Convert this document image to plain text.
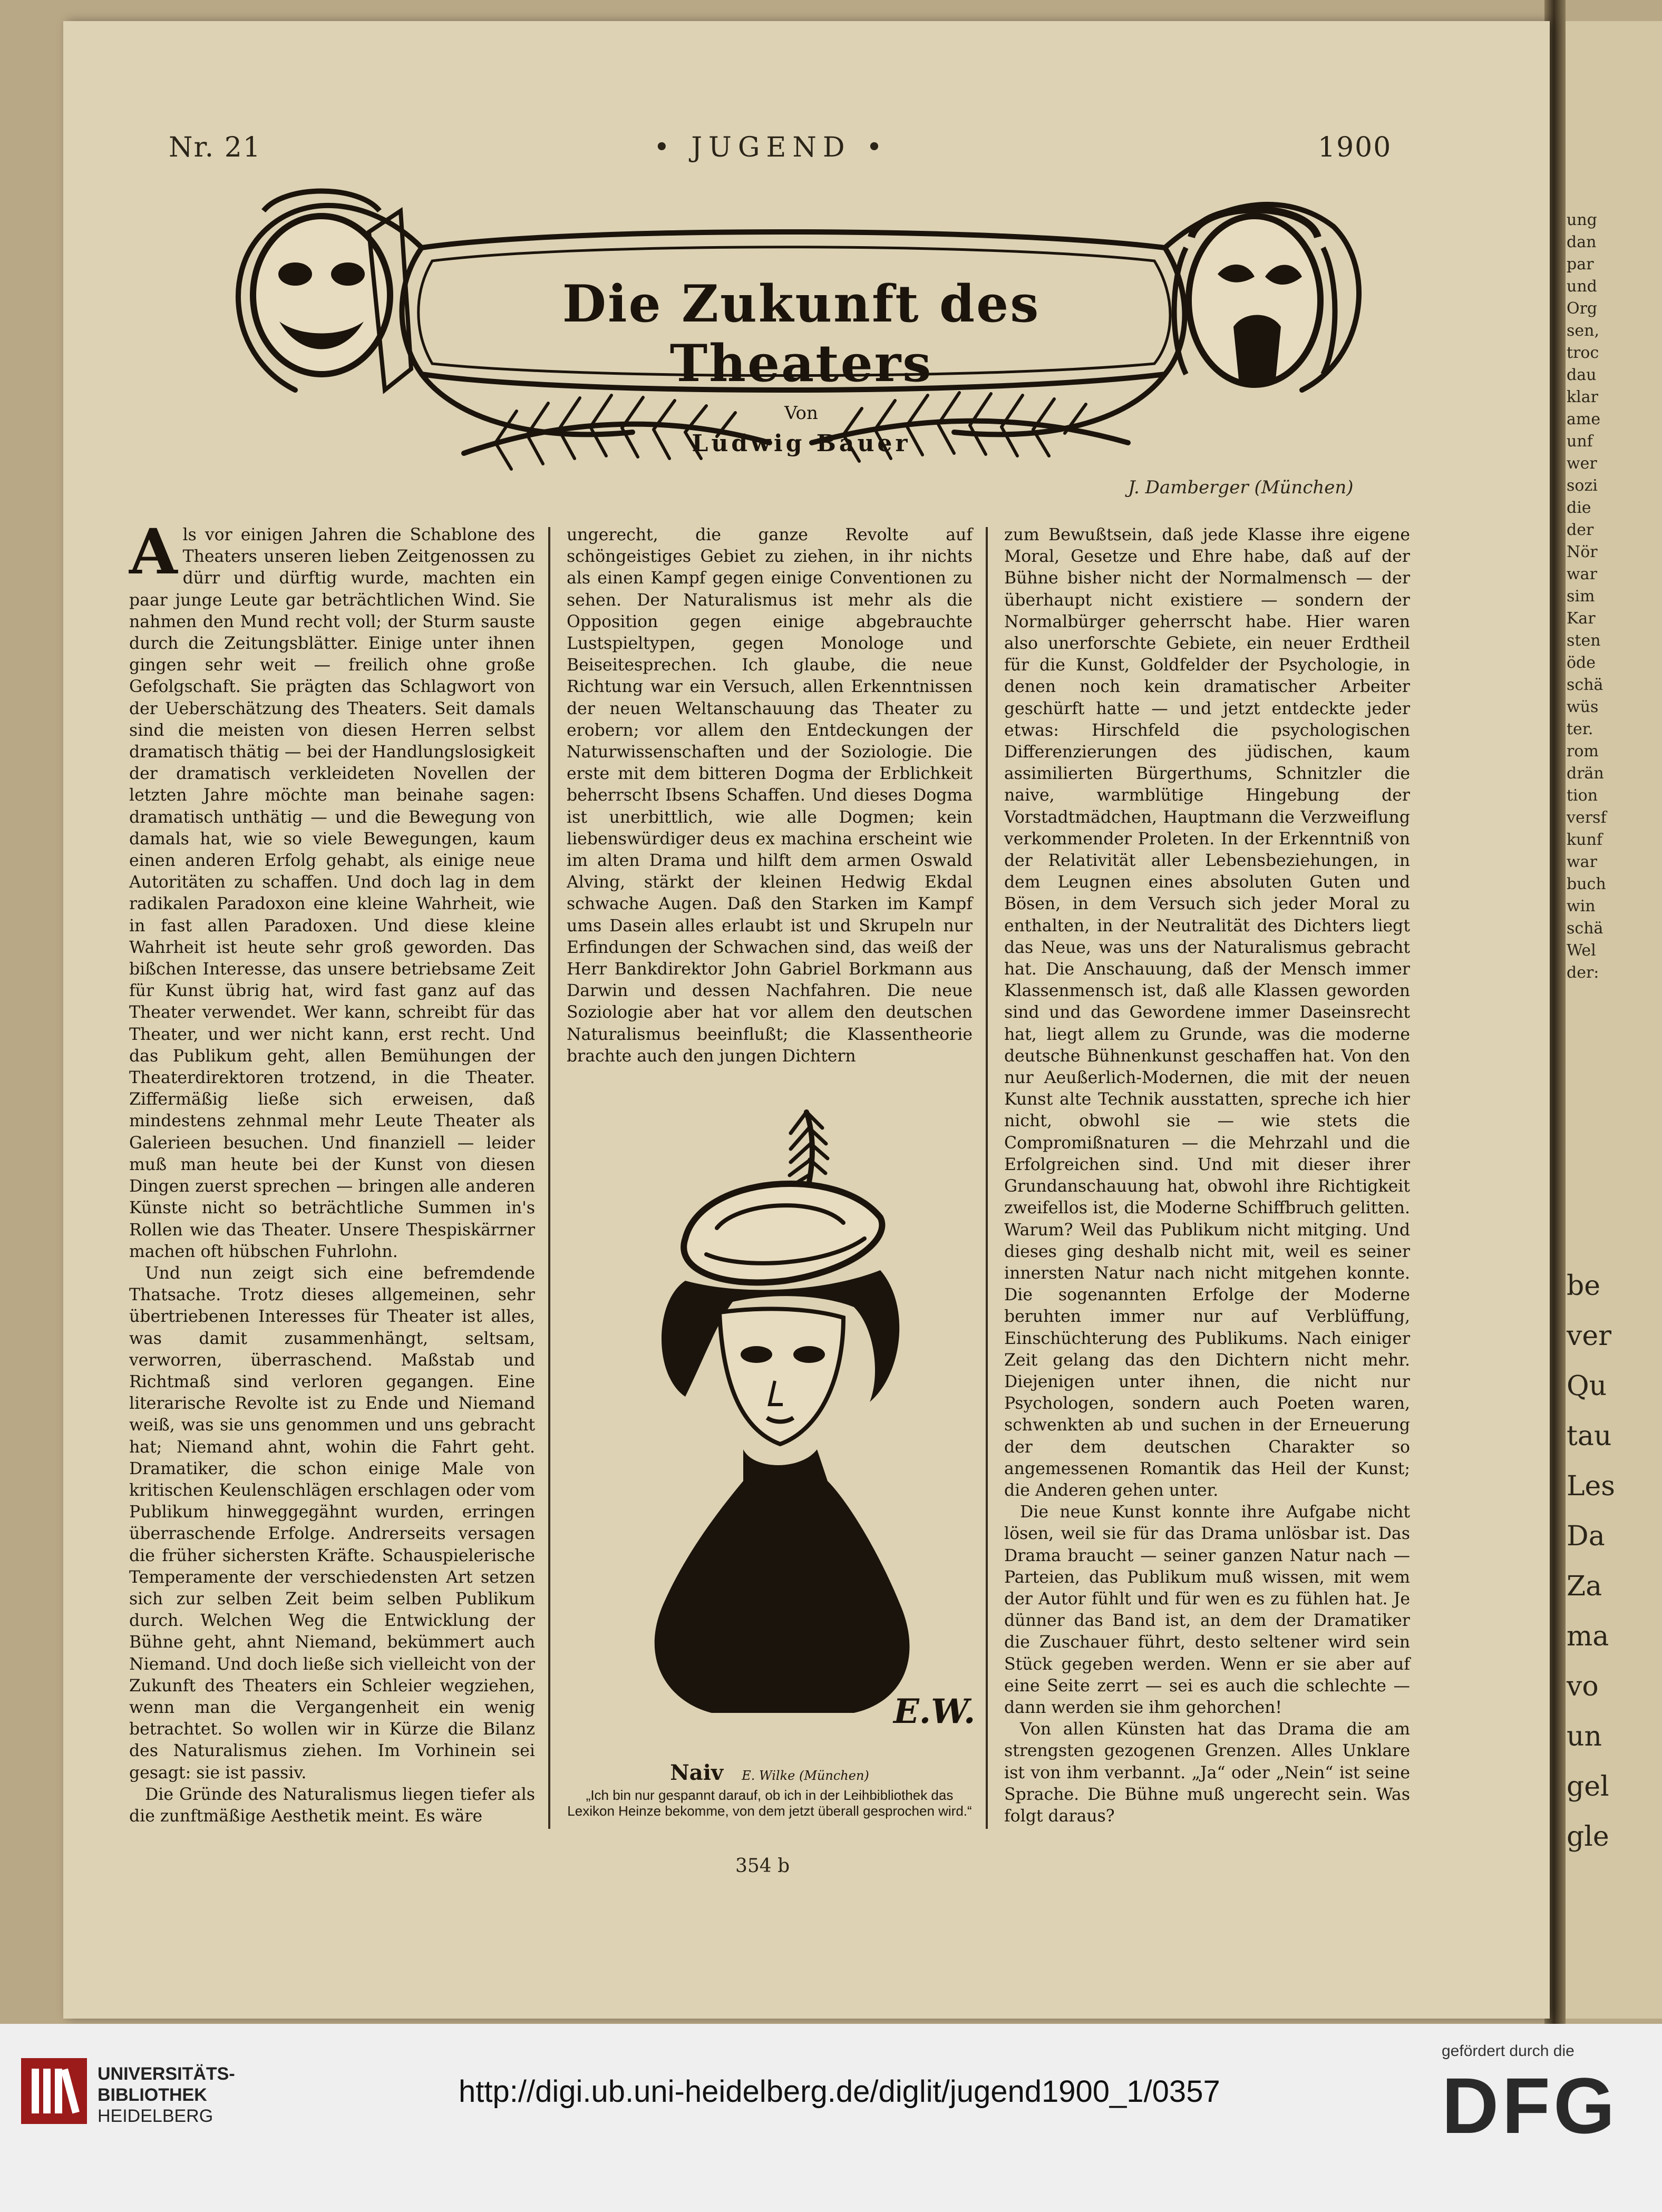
ung
dan
par
und
Org
sen,
troc
dau
klar
ame
unf
wer
sozi
die
der
Nör
war
sim
Kar
sten
öde
schä
wüs
ter.
rom
drän
tion
versf
kunf
war
buch
win
schä
Wel
der:
be
ver
Qu
tau
Les
Da
Za
ma
vo
un
gel
gle
Nr. 21	• JUGEND •	1900
Die Zukunft des Theaters
Von
Ludwig Bauer
J. Damberger (München)

Als vor einigen Jahren die Schablone des Theaters unseren lieben Zeitgenossen zu dürr und dürftig wurde, machten ein paar junge Leute gar beträchtlichen Wind. Sie nahmen den Mund recht voll; der Sturm sauste durch die Zeitungsblätter. Einige unter ihnen gingen sehr weit — freilich ohne große Gefolgschaft. Sie prägten das Schlagwort von der Ueberschätzung des Theaters. Seit damals sind die meisten von diesen Herren selbst dramatisch thätig — bei der Handlungslosigkeit der dramatisch verkleideten Novellen der letzten Jahre möchte man beinahe sagen: dramatisch unthätig — und die Bewegung von damals hat, wie so viele Bewegungen, kaum einen anderen Erfolg gehabt, als einige neue Autoritäten zu schaffen. Und doch lag in dem radikalen Paradoxon eine kleine Wahrheit, wie in fast allen Paradoxen. Und diese kleine Wahrheit ist heute sehr groß geworden. Das bißchen Interesse, das unsere betriebsame Zeit für Kunst übrig hat, wird fast ganz auf das Theater verwendet. Wer kann, schreibt für das Theater, und wer nicht kann, erst recht. Und das Publikum geht, allen Bemühungen der Theaterdirektoren trotzend, in die Theater. Ziffermäßig ließe sich erweisen, daß mindestens zehnmal mehr Leute Theater als Galerieen besuchen. Und finanziell — leider muß man heute bei der Kunst von diesen Dingen zuerst sprechen — bringen alle anderen Künste nicht so beträchtliche Summen in's Rollen wie das Theater. Unsere Thespiskärrner machen oft hübschen Fuhrlohn.

Und nun zeigt sich eine befremdende Thatsache. Trotz dieses allgemeinen, sehr übertriebenen Interesses für Theater ist alles, was damit zusammenhängt, seltsam, verworren, überraschend. Maßstab und Richtmaß sind verloren gegangen. Eine literarische Revolte ist zu Ende und Niemand weiß, was sie uns genommen und uns gebracht hat; Niemand ahnt, wohin die Fahrt geht. Dramatiker, die schon einige Male von kritischen Keulenschlägen erschlagen oder vom Publikum hinweggegähnt wurden, erringen überraschende Erfolge. Andrerseits versagen die früher sichersten Kräfte. Schauspielerische Temperamente der verschiedensten Art setzen sich zur selben Zeit beim selben Publikum durch. Welchen Weg die Entwicklung der Bühne geht, ahnt Niemand, bekümmert auch Niemand. Und doch ließe sich vielleicht von der Zukunft des Theaters ein Schleier wegziehen, wenn man die Vergangenheit ein wenig betrachtet. So wollen wir in Kürze die Bilanz des Naturalismus ziehen. Im Vorhinein sei gesagt: sie ist passiv.

Die Gründe des Naturalismus liegen tiefer als die zunftmäßige Aesthetik meint. Es wäre

ungerecht, die ganze Revolte auf schöngeistiges Gebiet zu ziehen, in ihr nichts als einen Kampf gegen einige Conventionen zu sehen. Der Naturalismus ist mehr als die Opposition gegen einige abgebrauchte Lustspieltypen, gegen Monologe und Beiseitesprechen. Ich glaube, die neue Richtung war ein Versuch, allen Erkenntnissen der neuen Weltanschauung das Theater zu erobern; vor allem den Entdeckungen der Naturwissenschaften und der Soziologie. Die erste mit dem bitteren Dogma der Erblichkeit beherrscht Ibsens Schaffen. Und dieses Dogma ist unerbittlich, wie alle Dogmen; kein liebenswürdiger deus ex machina erscheint wie im alten Drama und hilft dem armen Oswald Alving, stärkt der kleinen Hedwig Ekdal schwache Augen. Daß den Starken im Kampf ums Dasein alles erlaubt ist und Skrupeln nur Erfindungen der Schwachen sind, das weiß der Herr Bankdirektor John Gabriel Borkmann aus Darwin und dessen Nachfahren. Die neue Soziologie aber hat vor allem den deutschen Naturalismus beeinflußt; die Klassentheorie brachte auch den jungen Dichtern

E.W.
Naiv E. Wilke (München)
„Ich bin nur gespannt darauf, ob ich in der Leihbibliothek das Lexikon Heinze bekomme, von dem jetzt überall gesprochen wird.“
354 b

zum Bewußtsein, daß jede Klasse ihre eigene Moral, Gesetze und Ehre habe, daß auf der Bühne bisher nicht der Normalmensch — der überhaupt nicht existiere — sondern der Normalbürger geherrscht habe. Hier waren also unerforschte Gebiete, ein neuer Erdtheil für die Kunst, Goldfelder der Psychologie, in denen noch kein dramatischer Arbeiter geschürft hatte — und jetzt entdeckte jeder etwas: Hirschfeld die psychologischen Differenzierungen des jüdischen, kaum assimilierten Bürgerthums, Schnitzler die naive, warmblütige Hingebung der Vorstadtmädchen, Hauptmann die Verzweiflung verkommender Proleten. In der Erkenntniß von der Relativität aller Lebensbeziehungen, in dem Leugnen eines absoluten Guten und Bösen, in dem Versuch sich jeder Moral zu enthalten, in der Neutralität des Dichters liegt das Neue, was uns der Naturalismus gebracht hat. Die Anschauung, daß der Mensch immer Klassenmensch ist, daß alle Klassen geworden sind und das Gewordene immer Daseinsrecht hat, liegt allem zu Grunde, was die moderne deutsche Bühnenkunst geschaffen hat. Von den nur Aeußerlich-Modernen, die mit der neuen Kunst alte Technik ausstatten, spreche ich hier nicht, obwohl sie — wie stets die Compromißnaturen — die Mehrzahl und die Erfolgreichen sind. Und mit dieser ihrer Grundanschauung hat, obwohl ihre Richtigkeit zweifellos ist, die Moderne Schiffbruch gelitten. Warum? Weil das Publikum nicht mitging. Und dieses ging deshalb nicht mit, weil es seiner innersten Natur nach nicht mitgehen konnte. Die sogenannten Erfolge der Moderne beruhten immer nur auf Verblüffung, Einschüchterung des Publikums. Nach einiger Zeit gelang das den Dichtern nicht mehr. Diejenigen unter ihnen, die nicht nur Psychologen, sondern auch Poeten waren, schwenkten ab und suchen in der Erneuerung der dem deutschen Charakter so angemessenen Romantik das Heil der Kunst; die Anderen gehen unter.

Die neue Kunst konnte ihre Aufgabe nicht lösen, weil sie für das Drama unlösbar ist. Das Drama braucht — seiner ganzen Natur nach — Parteien, das Publikum muß wissen, mit wem der Autor fühlt und für wen es zu fühlen hat. Je dünner das Band ist, an dem der Dramatiker die Zuschauer führt, desto seltener wird sein Stück gegeben werden. Wenn er sie aber auf eine Seite zerrt — sei es auch die schlechte — dann werden sie ihm gehorchen!

Von allen Künsten hat das Drama die am strengsten gezogenen Grenzen. Alles Unklare ist von ihm verbannt. „Ja“ oder „Nein“ ist seine Sprache. Die Bühne muß ungerecht sein. Was folgt daraus?

UNIVERSITÄTS-
BIBLIOTHEK
HEIDELBERG
http://digi.ub.uni-heidelberg.de/diglit/jugend1900_1/0357
gefördert durch die
DFG
